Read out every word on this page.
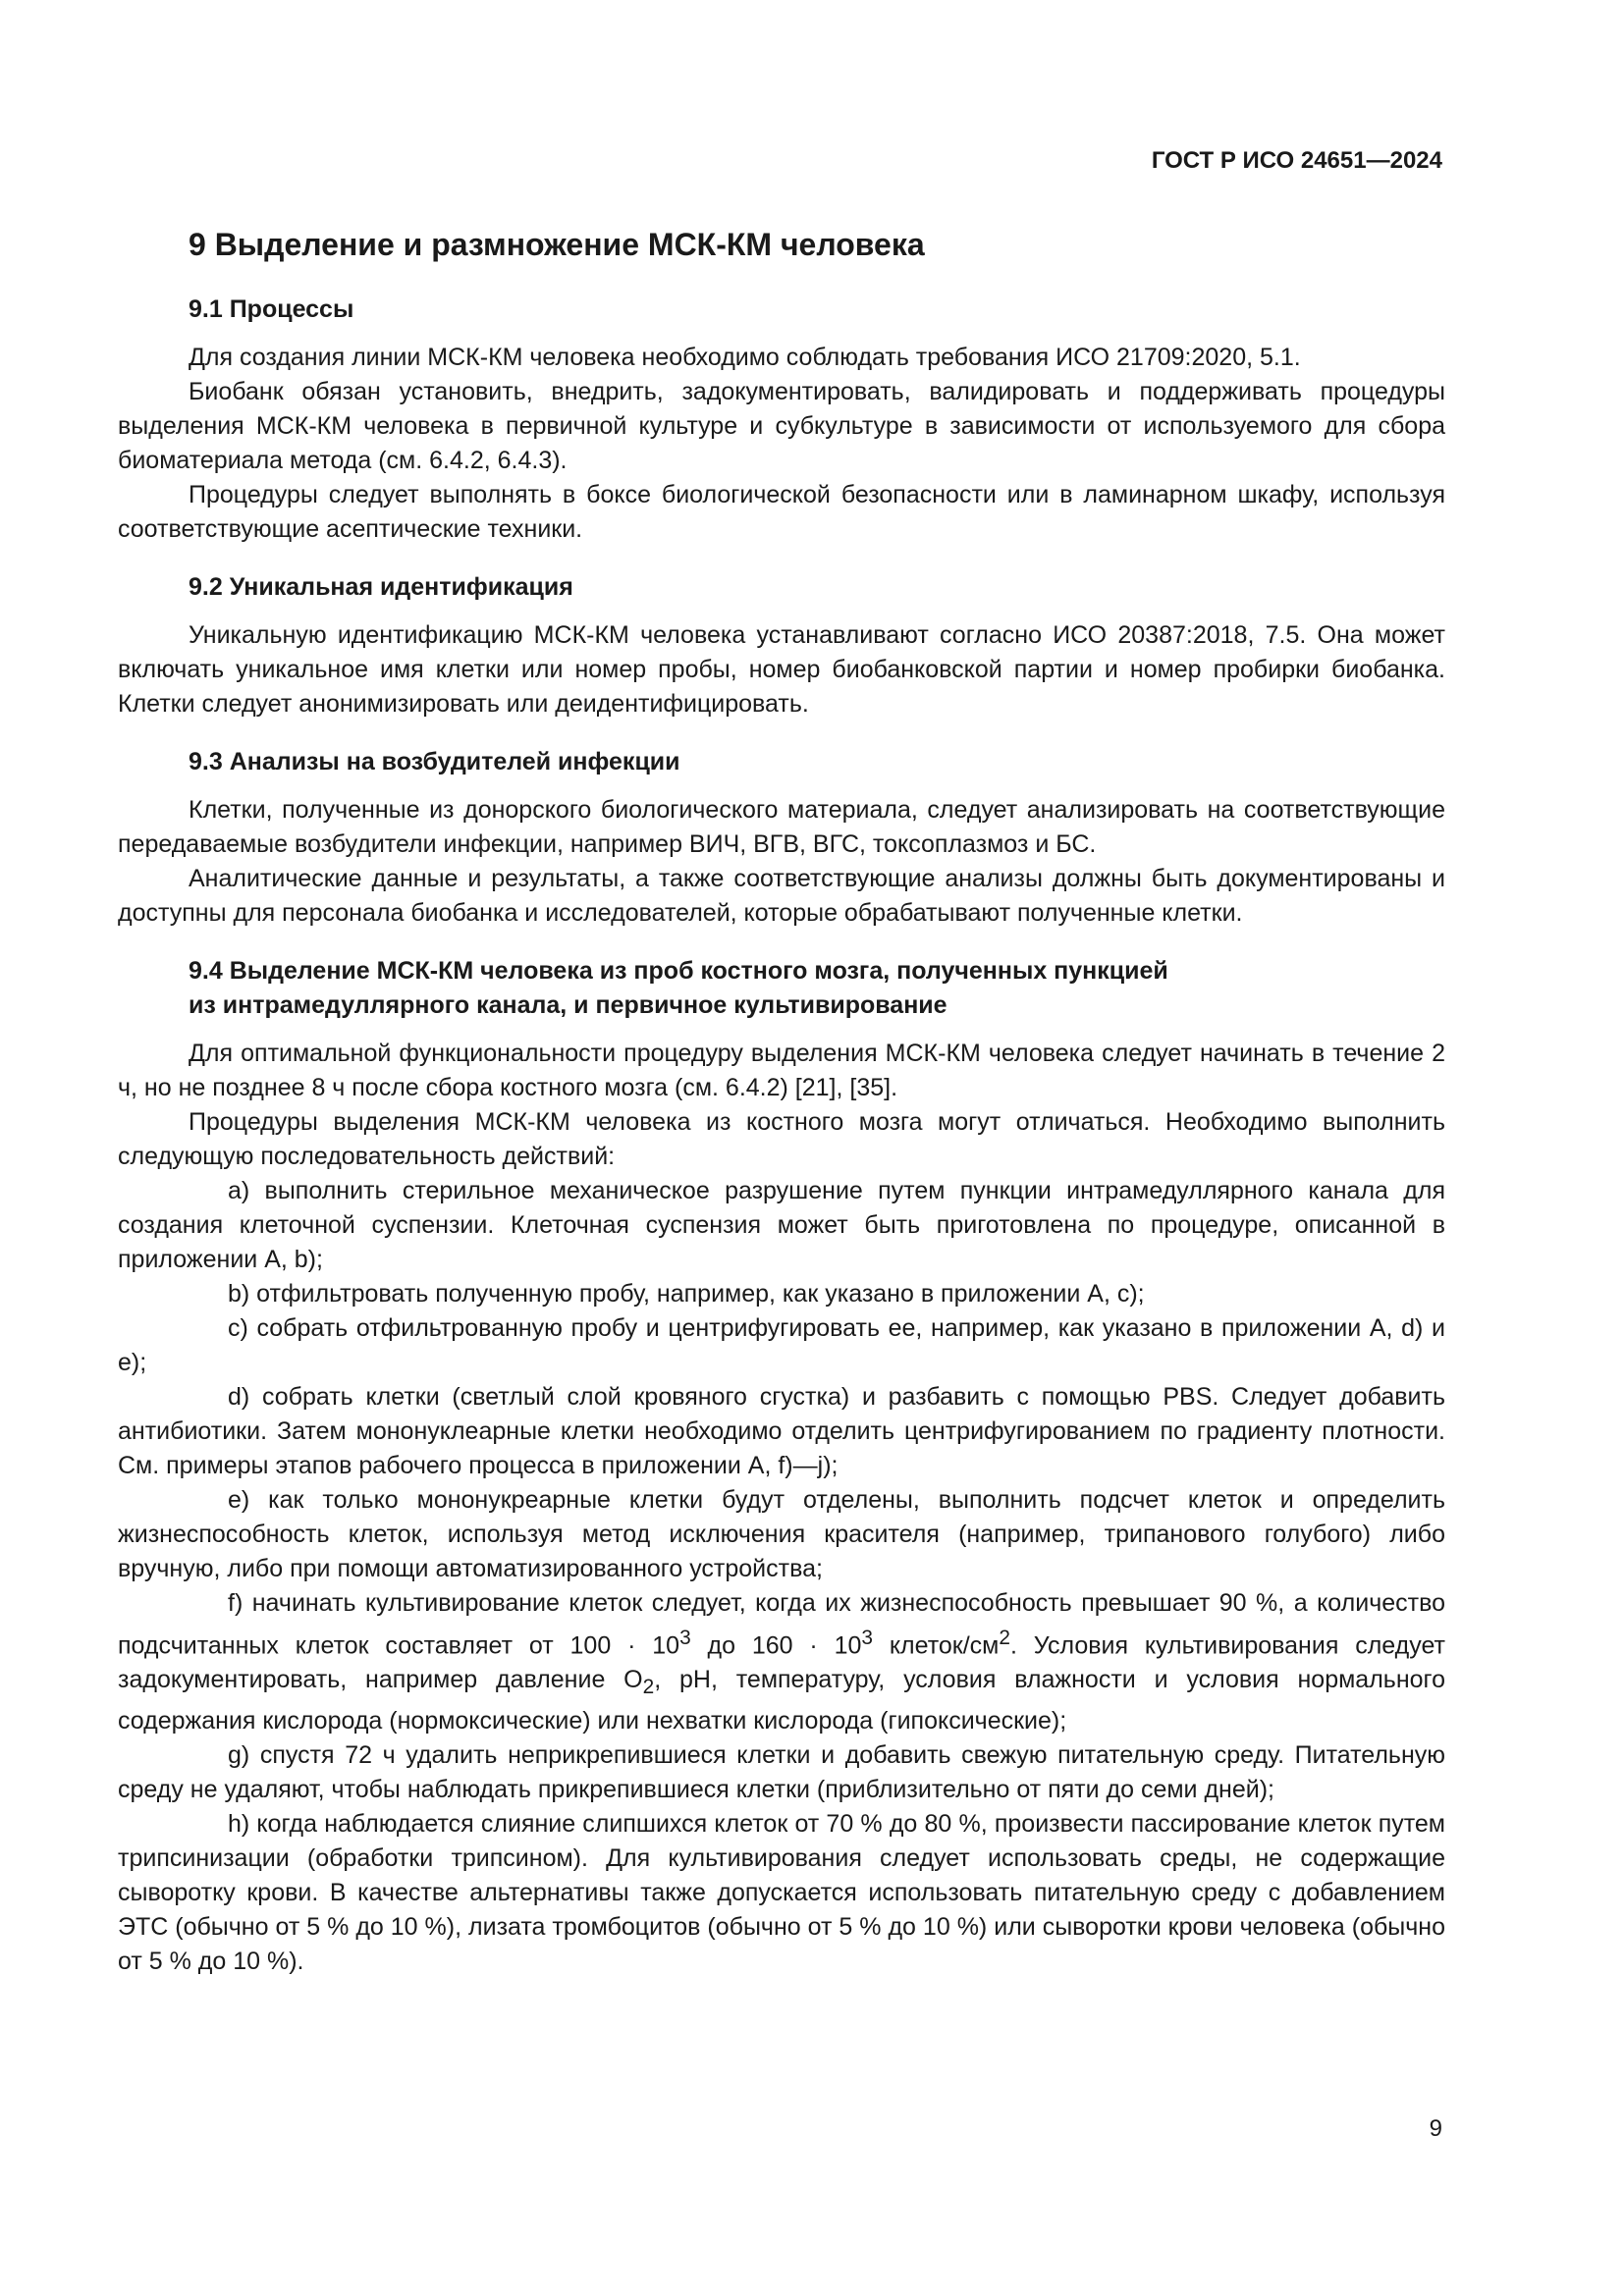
ГОСТ Р ИСО 24651—2024
9 Выделение и размножение МСК-КМ человека
9.1 Процессы

Для создания линии МСК-КМ человека необходимо соблюдать требования ИСО 21709:2020, 5.1.

Биобанк обязан установить, внедрить, задокументировать, валидировать и поддерживать процедуры выделения МСК-КМ человека в первичной культуре и субкультуре в зависимости от используемого для сбора биоматериала метода (см. 6.4.2, 6.4.3).

Процедуры следует выполнять в боксе биологической безопасности или в ламинарном шкафу, используя соответствующие асептические техники.

9.2 Уникальная идентификация

Уникальную идентификацию МСК-КМ человека устанавливают согласно ИСО 20387:2018, 7.5. Она может включать уникальное имя клетки или номер пробы, номер биобанковской партии и номер пробирки биобанка. Клетки следует анонимизировать или деидентифицировать.

9.3 Анализы на возбудителей инфекции

Клетки, полученные из донорского биологического материала, следует анализировать на соответствующие передаваемые возбудители инфекции, например ВИЧ, ВГВ, ВГС, токсоплазмоз и БС.

Аналитические данные и результаты, а также соответствующие анализы должны быть документированы и доступны для персонала биобанка и исследователей, которые обрабатывают полученные клетки.

9.4 Выделение МСК-КМ человека из проб костного мозга, полученных пункцией
из интрамедуллярного канала, и первичное культивирование

Для оптимальной функциональности процедуру выделения МСК-КМ человека следует начинать в течение 2 ч, но не позднее 8 ч после сбора костного мозга (см. 6.4.2) [21], [35].

Процедуры выделения МСК-КМ человека из костного мозга могут отличаться. Необходимо выполнить следующую последовательность действий:

a) выполнить стерильное механическое разрушение путем пункции интрамедуллярного канала для создания клеточной суспензии. Клеточная суспензия может быть приготовлена по процедуре, описанной в приложении А, b);

b) отфильтровать полученную пробу, например, как указано в приложении А, c);

c) собрать отфильтрованную пробу и центрифугировать ее, например, как указано в приложении А, d) и e);

d) собрать клетки (светлый слой кровяного сгустка) и разбавить с помощью PBS. Следует добавить антибиотики. Затем мононуклеарные клетки необходимо отделить центрифугированием по градиенту плотности. См. примеры этапов рабочего процесса в приложении А, f)—j);

e) как только мононукреарные клетки будут отделены, выполнить подсчет клеток и определить жизнеспособность клеток, используя метод исключения красителя (например, трипанового голубого) либо вручную, либо при помощи автоматизированного устройства;

f) начинать культивирование клеток следует, когда их жизнеспособность превышает 90 %, а количество подсчитанных клеток составляет от $100 \cdot 10^3$ до $160 \cdot 10^3$ клеток/$см^2$. Условия культивирования следует задокументировать, например давление $O_2$, pH, температуру, условия влажности и условия нормального содержания кислорода (нормоксические) или нехватки кислорода (гипоксические);

g) спустя 72 ч удалить неприкрепившиеся клетки и добавить свежую питательную среду. Питательную среду не удаляют, чтобы наблюдать прикрепившиеся клетки (приблизительно от пяти до семи дней);

h) когда наблюдается слияние слипшихся клеток от 70 % до 80 %, произвести пассирование клеток путем трипсинизации (обработки трипсином). Для культивирования следует использовать среды, не содержащие сыворотку крови. В качестве альтернативы также допускается использовать питательную среду с добавлением ЭТС (обычно от 5 % до 10 %), лизата тромбоцитов (обычно от 5 % до 10 %) или сыворотки крови человека (обычно от 5 % до 10 %).

9
